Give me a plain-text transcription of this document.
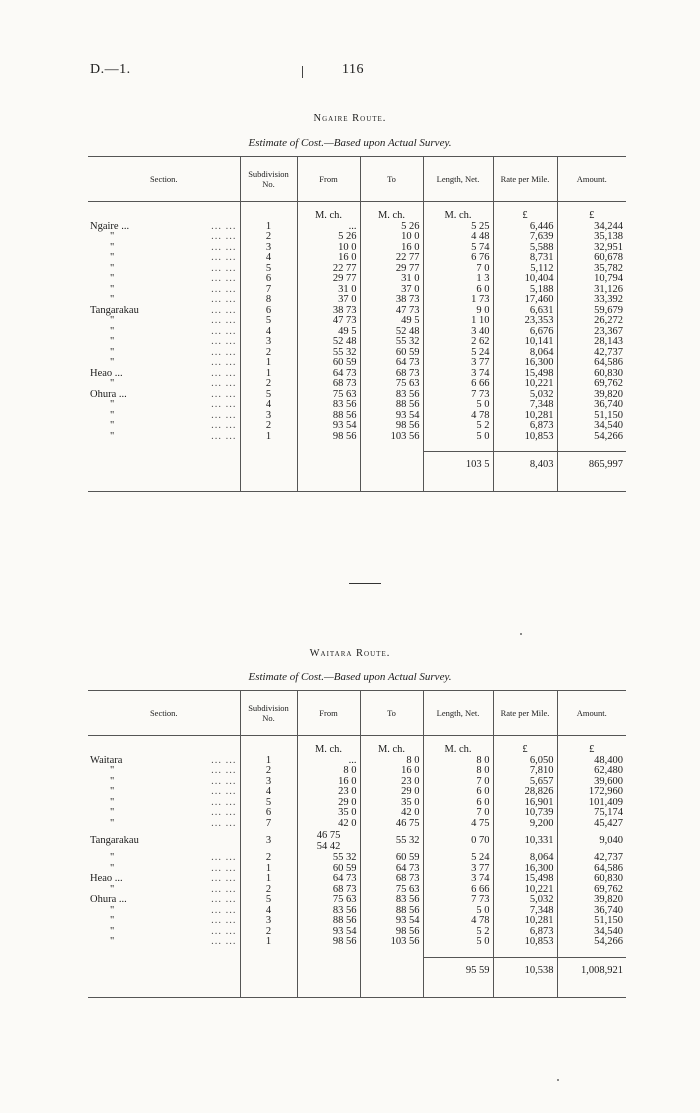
D.—1.	116
Ngaire Route.
Estimate of Cost.—Based upon Actual Survey.
Section.	Subdivision No.	From	To	Length, Net.	Rate per Mile.	Amount.

		M. ch.	M. ch.	M. ch.	£	£
Ngaire ... ... ...	1	...	5 26	5 25	6,446	34,244
" ... ...	2	5 26	10 0	4 48	7,639	35,138
" ... ...	3	10 0	16 0	5 74	5,588	32,951
" ... ...	4	16 0	22 77	6 76	8,731	60,678
" ... ...	5	22 77	29 77	7 0	5,112	35,782
" ... ...	6	29 77	31 0	1 3	10,404	10,794
" ... ...	7	31 0	37 0	6 0	5,188	31,126
" ... ...	8	37 0	38 73	1 73	17,460	33,392
Tangarakau ... ...	6	38 73	47 73	9 0	6,631	59,679
" ... ...	5	47 73	49 5	1 10	23,353	26,272
" ... ...	4	49 5	52 48	3 40	6,676	23,367
" ... ...	3	52 48	55 32	2 62	10,141	28,143
" ... ...	2	55 32	60 59	5 24	8,064	42,737
" ... ...	1	60 59	64 73	3 77	16,300	64,586
Heao ... ... ...	1	64 73	68 73	3 74	15,498	60,830
" ... ...	2	68 73	75 63	6 66	10,221	69,762
Ohura ... ... ...	5	75 63	83 56	7 73	5,032	39,820
" ... ...	4	83 56	88 56	5 0	7,348	36,740
" ... ...	3	88 56	93 54	4 78	10,281	51,150
" ... ...	2	93 54	98 56	5 2	6,873	34,540
" ... ...	1	98 56	103 56	5 0	10,853	54,266

				103 5	8,403	865,997

Waitara Route.
Estimate of Cost.—Based upon Actual Survey.
Section.	Subdivision No.	From	To	Length, Net.	Rate per Mile.	Amount.

		M. ch.	M. ch.	M. ch.	£	£
Waitara ... ...	1	...	8 0	8 0	6,050	48,400
" ... ...	2	8 0	16 0	8 0	7,810	62,480
" ... ...	3	16 0	23 0	7 0	5,657	39,600
" ... ...	4	23 0	29 0	6 0	28,826	172,960
" ... ...	5	29 0	35 0	6 0	16,901	101,409
" ... ...	6	35 0	42 0	7 0	10,739	75,174
" ... ...	7	42 0	46 75	4 75	9,200	45,427
Tangarakau	3	46 75
54 42	55 32	0 70	10,331	9,040
" ... ...	2	55 32	60 59	5 24	8,064	42,737
" ... ...	1	60 59	64 73	3 77	16,300	64,586
Heao ... ... ...	1	64 73	68 73	3 74	15,498	60,830
" ... ...	2	68 73	75 63	6 66	10,221	69,762
Ohura ... ... ...	5	75 63	83 56	7 73	5,032	39,820
" ... ...	4	83 56	88 56	5 0	7,348	36,740
" ... ...	3	88 56	93 54	4 78	10,281	51,150
" ... ...	2	93 54	98 56	5 2	6,873	34,540
" ... ...	1	98 56	103 56	5 0	10,853	54,266

				95 59	10,538	1,008,921
